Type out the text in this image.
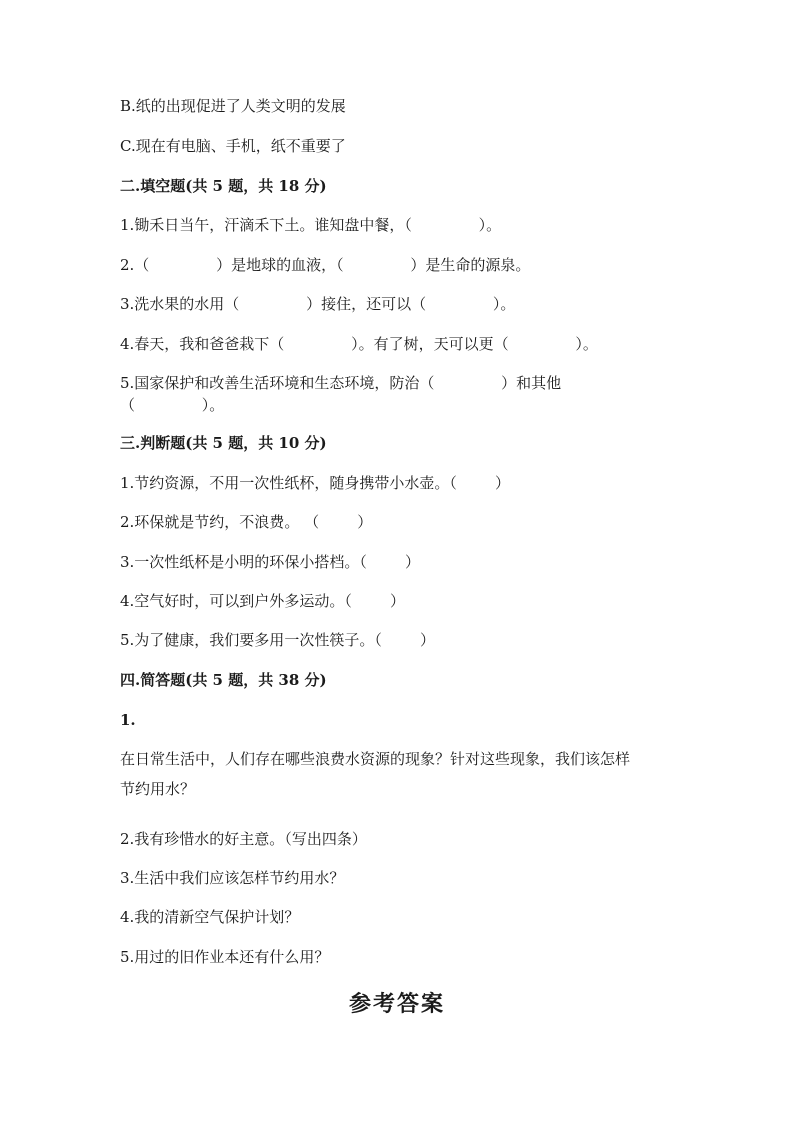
B.纸的出现促进了人类文明的发展
C.现在有电脑、手机，纸不重要了
二.填空题(共 5 题，共 18 分)
1.锄禾日当午，汗滴禾下土。谁知盘中餐，（              ）。
2.（              ）是地球的血液，（              ）是生命的源泉。
3.洗水果的水用（              ）接住，还可以（              ）。
4.春天，我和爸爸栽下（              ）。有了树，天可以更（              ）。
5.国家保护和改善生活环境和生态环境，防治（              ）和其他
（              ）。
三.判断题(共 5 题，共 10 分)
1.节约资源，不用一次性纸杯，随身携带小水壶。（        ）
2.环保就是节约，不浪费。 （        ）
3.一次性纸杯是小明的环保小搭档。（        ）
4.空气好时，可以到户外多运动。（        ）
5.为了健康，我们要多用一次性筷子。（        ）
四.简答题(共 5 题，共 38 分)
1.
在日常生活中，人们存在哪些浪费水资源的现象？针对这些现象，我们该怎样
节约用水？
2.我有珍惜水的好主意。（写出四条）
3.生活中我们应该怎样节约用水？
4.我的清新空气保护计划？
5.用过的旧作业本还有什么用？
参考答案
